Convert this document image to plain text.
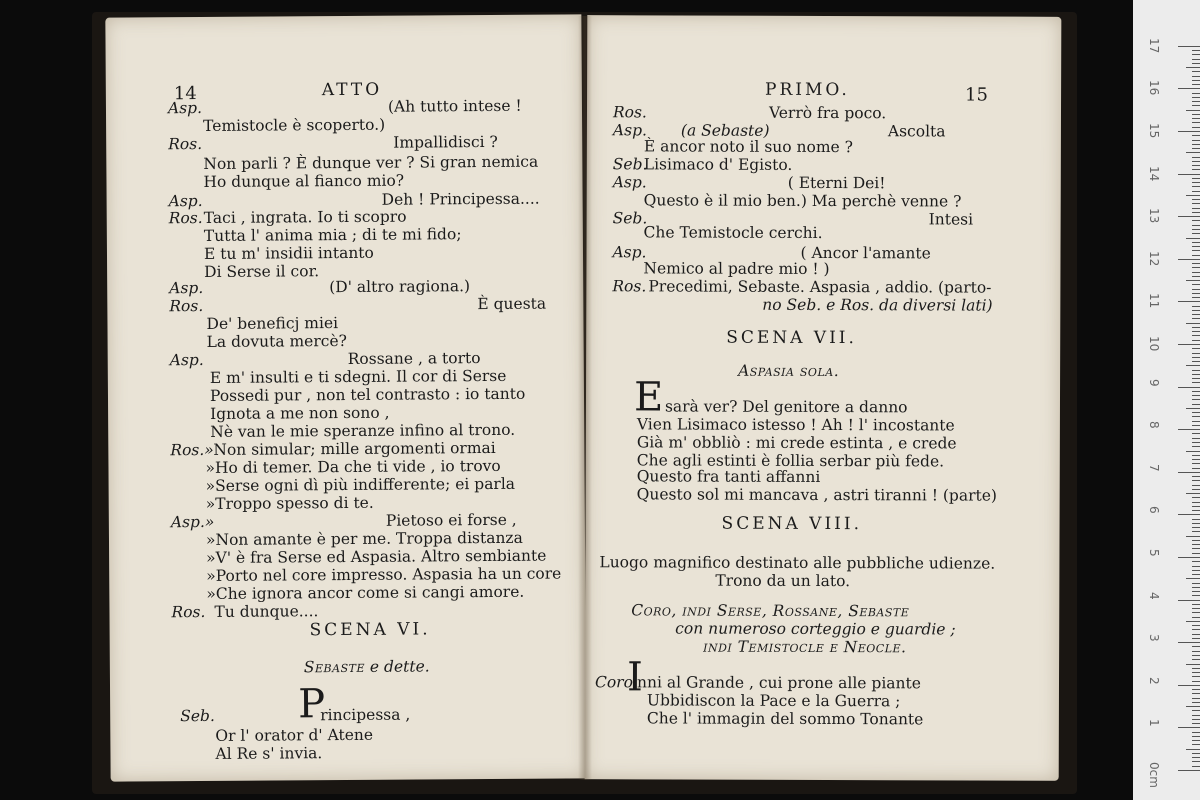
14	ATTO
Asp.	(Ah tutto intese !
Temistocle è scoperto.)
Ros.	Impallidisci ?
Non parli ? È dunque ver ? Si gran nemica
Ho dunque al fianco mio?
Asp.	Deh ! Principessa....
Ros. Taci , ingrata. Io ti scopro
Tutta l' anima mia ; di te mi fido;
E tu m' insidii intanto
Di Serse il cor.
Asp.	(D' altro ragiona.)
Ros.	È questa
De' beneficj miei
La dovuta mercè?
Asp.	Rossane , a torto
E m' insulti e ti sdegni. Il cor di Serse
Possedi pur , non tel contrasto : io tanto
Ignota a me non sono ,
Nè van le mie speranze infino al trono.
Ros.» Non simular; mille argomenti ormai
»Ho di temer. Da che ti vide , io trovo
»Serse ogni dì più indifferente; ei parla
»Troppo spesso di te.
Asp.»	Pietoso ei forse ,
»Non amante è per me. Troppa distanza
»V' è fra Serse ed Aspasia. Altro sembiante
»Porto nel core impresso. Aspasia ha un core
»Che ignora ancor come si cangi amore.
Ros. Tu dunque....
SCENA VI.
Sebaste e dette.
P
Seb.	rincipessa ,
Or l' orator d' Atene
Al Re s' invia.
PRIMO.	15
Ros.	Verrò fra poco.
Asp. (a Sebaste)	Ascolta
È ancor noto il suo nome ?
Seb.
Lisimaco d' Egisto.
Asp.	( Eterni Dei!
Questo è il mio ben.) Ma perchè venne ?
Seb.	Intesi
Che Temistocle cerchi.
Asp.	( Ancor l'amante
Nemico al padre mio ! )
Ros. Precedimi, Sebaste. Aspasia , addio. (parto-
no Seb. e Ros. da diversi lati)
SCENA VII.
Aspasia sola.
E sarà ver? Del genitore a danno
Vien Lisimaco istesso ! Ah ! l' incostante
Già m' obbliò : mi crede estinta , e crede
Che agli estinti è follia serbar più fede.
Questo fra tanti affanni
Questo sol mi mancava , astri tiranni ! (parte)
SCENA VIII.
Luogo magnifico destinato alle pubbliche udienze.
Trono da un lato.
Coro, indi Serse, Rossane, Sebaste
con numeroso corteggio e guardie ;
indi Temistocle e Neocle.
Coro
I
nni al Grande , cui prone alle piante
Ubbidiscon la Pace e la Guerra ;
Che l' immagin del sommo Tonante
0cm
1
2
3
4
5
6
7
8
9
10
11
12
13
14
15
16
17
